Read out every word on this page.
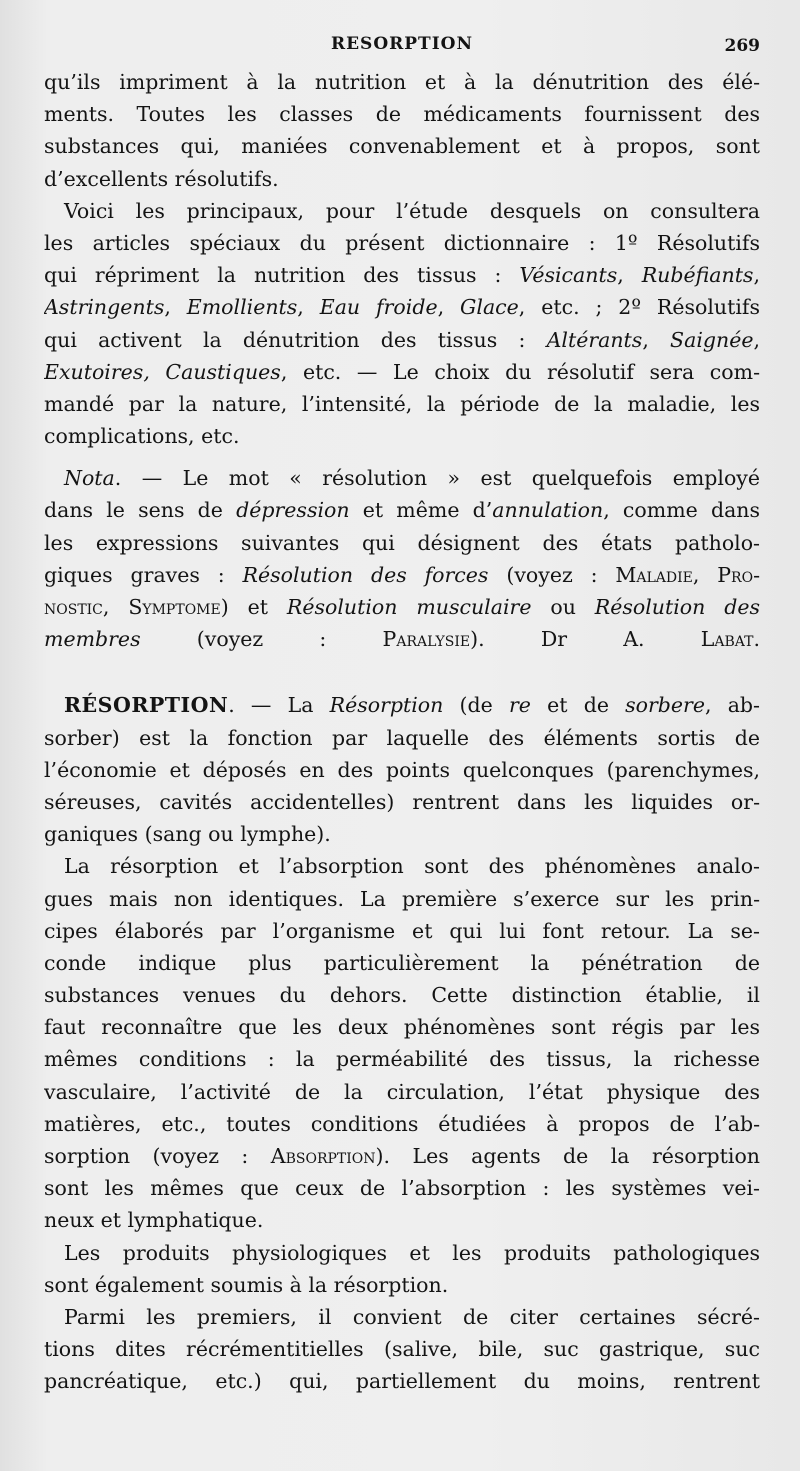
RESORPTION	269
qu’ils impriment à la nutrition et à la dénutrition des élé-
ments. Toutes les classes de médicaments fournissent des
substances qui, maniées convenablement et à propos, sont
d’excellents résolutifs.
Voici les principaux, pour l’étude desquels on consultera
les articles spéciaux du présent dictionnaire : 1º Résolutifs
qui répriment la nutrition des tissus : Vésicants, Rubéfiants,
Astringents, Emollients, Eau froide, Glace, etc. ; 2º Résolutifs
qui activent la dénutrition des tissus : Altérants, Saignée,
Exutoires, Caustiques, etc. — Le choix du résolutif sera com-
mandé par la nature, l’intensité, la période de la maladie, les
complications, etc.
Nota. — Le mot « résolution » est quelquefois employé
dans le sens de dépression et même d’annulation, comme dans
les expressions suivantes qui désignent des états patholo-
giques graves : Résolution des forces (voyez : Maladie, Pro-
nostic, Symptome) et Résolution musculaire ou Résolution des
membres (voyez : Paralysie).	Dr A. Labat.
RÉSORPTION. — La Résorption (de re et de sorbere, ab-
sorber) est la fonction par laquelle des éléments sortis de
l’économie et déposés en des points quelconques (parenchymes,
séreuses, cavités accidentelles) rentrent dans les liquides or-
ganiques (sang ou lymphe).
La résorption et l’absorption sont des phénomènes analo-
gues mais non identiques. La première s’exerce sur les prin-
cipes élaborés par l’organisme et qui lui font retour. La se-
conde indique plus particulièrement la pénétration de
substances venues du dehors. Cette distinction établie, il
faut reconnaître que les deux phénomènes sont régis par les
mêmes conditions : la perméabilité des tissus, la richesse
vasculaire, l’activité de la circulation, l’état physique des
matières, etc., toutes conditions étudiées à propos de l’ab-
sorption (voyez : Absorption). Les agents de la résorption
sont les mêmes que ceux de l’absorption : les systèmes vei-
neux et lymphatique.
Les produits physiologiques et les produits pathologiques
sont également soumis à la résorption.
Parmi les premiers, il convient de citer certaines sécré-
tions dites récrémentitielles (salive, bile, suc gastrique, suc
pancréatique, etc.) qui, partiellement du moins, rentrent
